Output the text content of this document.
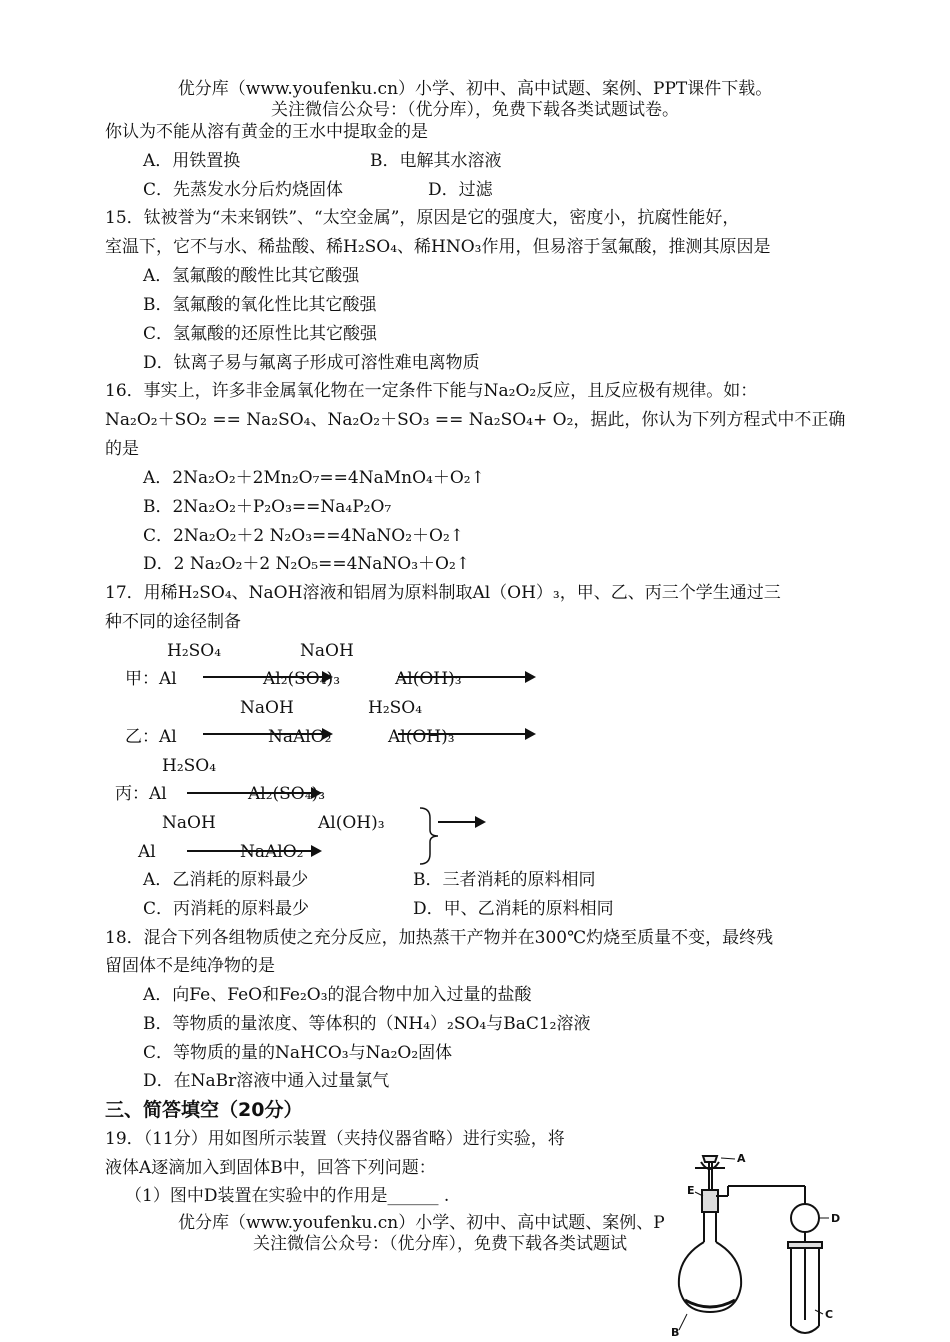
优分库（www.youfenku.cn）小学、初中、高中试题、案例、PPT课件下载。
关注微信公众号：（优分库），免费下载各类试题试卷。
你认为不能从溶有黄金的王水中提取金的是
A．用铁置换	B．电解其水溶液
C．先蒸发水分后灼烧固体	D．过滤
15．钛被誉为“未来钢铁”、“太空金属”，原因是它的强度大，密度小，抗腐性能好，
室温下，它不与水、稀盐酸、稀H₂SO₄、稀HNO₃作用，但易溶于氢氟酸，推测其原因是
A．氢氟酸的酸性比其它酸强
B．氢氟酸的氧化性比其它酸强
C．氢氟酸的还原性比其它酸强
D．钛离子易与氟离子形成可溶性难电离物质
16．事实上，许多非金属氧化物在一定条件下能与Na₂O₂反应，且反应极有规律。如：
Na₂O₂＋SO₂ == Na₂SO₄、Na₂O₂＋SO₃ == Na₂SO₄+ O₂，据此，你认为下列方程式中不正确
的是
A．2Na₂O₂＋2Mn₂O₇==4NaMnO₄＋O₂↑
B．2Na₂O₂＋P₂O₃==Na₄P₂O₇
C．2Na₂O₂＋2 N₂O₃==4NaNO₂＋O₂↑
D．2 Na₂O₂＋2 N₂O₅==4NaNO₃＋O₂↑
17．用稀H₂SO₄、NaOH溶液和铝屑为原料制取Al（OH）₃，甲、乙、丙三个学生通过三
种不同的途径制备
H₂SO₄	NaOH
甲：Al	Al₂(SO₄)₃	Al(OH)₃
NaOH	H₂SO₄
乙：Al	NaAlO₂	Al(OH)₃
H₂SO₄
丙：Al	Al₂(SO₄)₃
NaOH	Al(OH)₃
Al	NaAlO₂
A．乙消耗的原料最少	B．三者消耗的原料相同
C．丙消耗的原料最少	D．甲、乙消耗的原料相同
18．混合下列各组物质使之充分反应，加热蒸干产物并在300℃灼烧至质量不变，最终残
留固体不是纯净物的是
A．向Fe、FeO和Fe₂O₃的混合物中加入过量的盐酸
B．等物质的量浓度、等体积的（NH₄）₂SO₄与BaC1₂溶液
C．等物质的量的NaHCO₃与Na₂O₂固体
D．在NaBr溶液中通入过量氯气
三、简答填空（20分）
19．（11分）用如图所示装置（夹持仪器省略）进行实验，将
液体A逐滴加入到固体B中，回答下列问题：
（1）图中D装置在实验中的作用是______ .
优分库（www.youfenku.cn）小学、初中、高中试题、案例、P
关注微信公众号：（优分库），免费下载各类试题试
A
E
D
B
C
